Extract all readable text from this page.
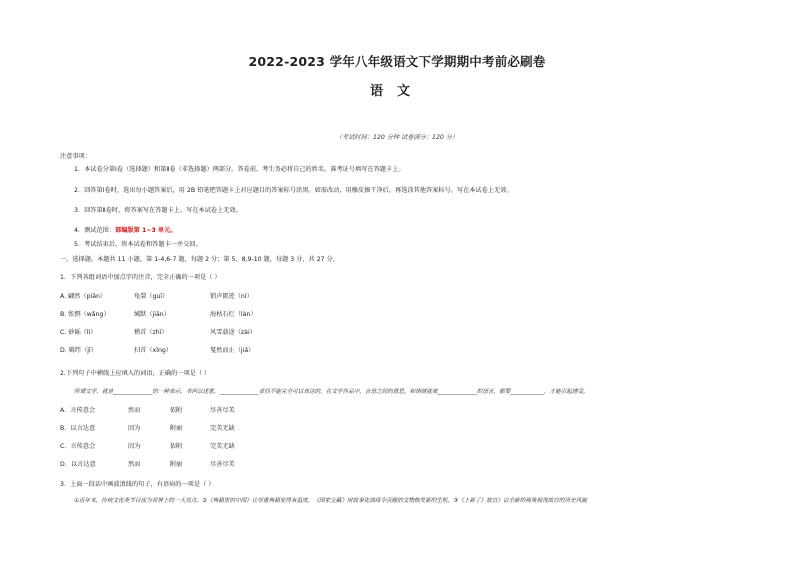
2022-2023 学年八年级语文下学期期中考前必刷卷
语文
（考试时间：120 分钟 试卷满分：120 分）
注意事项：
1．本试卷分第Ⅰ卷（选择题）和第Ⅱ卷（非选择题）两部分。答卷前，考生务必将自己的姓名、准考证号填写在答题卡上。
2．回答第Ⅰ卷时，选出每小题答案后，用 2B 铅笔把答题卡上对应题目的答案标号涂黑。如需改动，用橡皮擦干净后，再选涂其他答案标号。写在本试卷上无效。
3．回答第Ⅱ卷时，将答案写在答题卡上。写在本试卷上无效。
4．测试范围：部编版第 1~3 单元。
5．考试结束后，将本试卷和答题卡一并交回。
一、选择题。本题共 11 小题，第 1-4,6-7 题，每题 2 分；第 5、8,9-10 题，每题 3 分，共 27 分。
1．下列各组词语中加点字的注音，完全正确的一项是（ ）
A. 翩然（piān）	龟裂（guī）	销声匿迹（nì）
B. 怅惘（wǎng）	缄默（jiān）	海枯石烂（làn）
C. 砂砾（lì）	稽首（zhī）	风雪载途（zài）
D. 羁绊（jī）	扫首（xǐng）	戛然而止（jiá）
2.下列句子中横线上应填入的词语，正确的一项是（ ）
所谓文学，就是______________的一种表示。书何以述意，______________者尚不能完全可以表达的，在文学作品中，言语之间的意思，和情绪就被______________的语言，都要____________，才能引起感受。
A．言传意会	然而	依附	尽善尽美
B．以言达意	因为	附丽	完美无缺
C．言传意会	因为	依附	完美无缺
D．以言达意	然而	附丽	尽善尽美
3．上面一段话中画波浪线的句子，有语病的一项是（ ）
①近年来，传统文化类节目成为荧屏上的一大亮点。②《典籍里的中国》让厚重典籍变得有温度，《国家宝藏》用故事化演绎令沉睡的文物焕发新的生机。③《上新了》故宫》以全新的视角展现故宫的历史风貌
